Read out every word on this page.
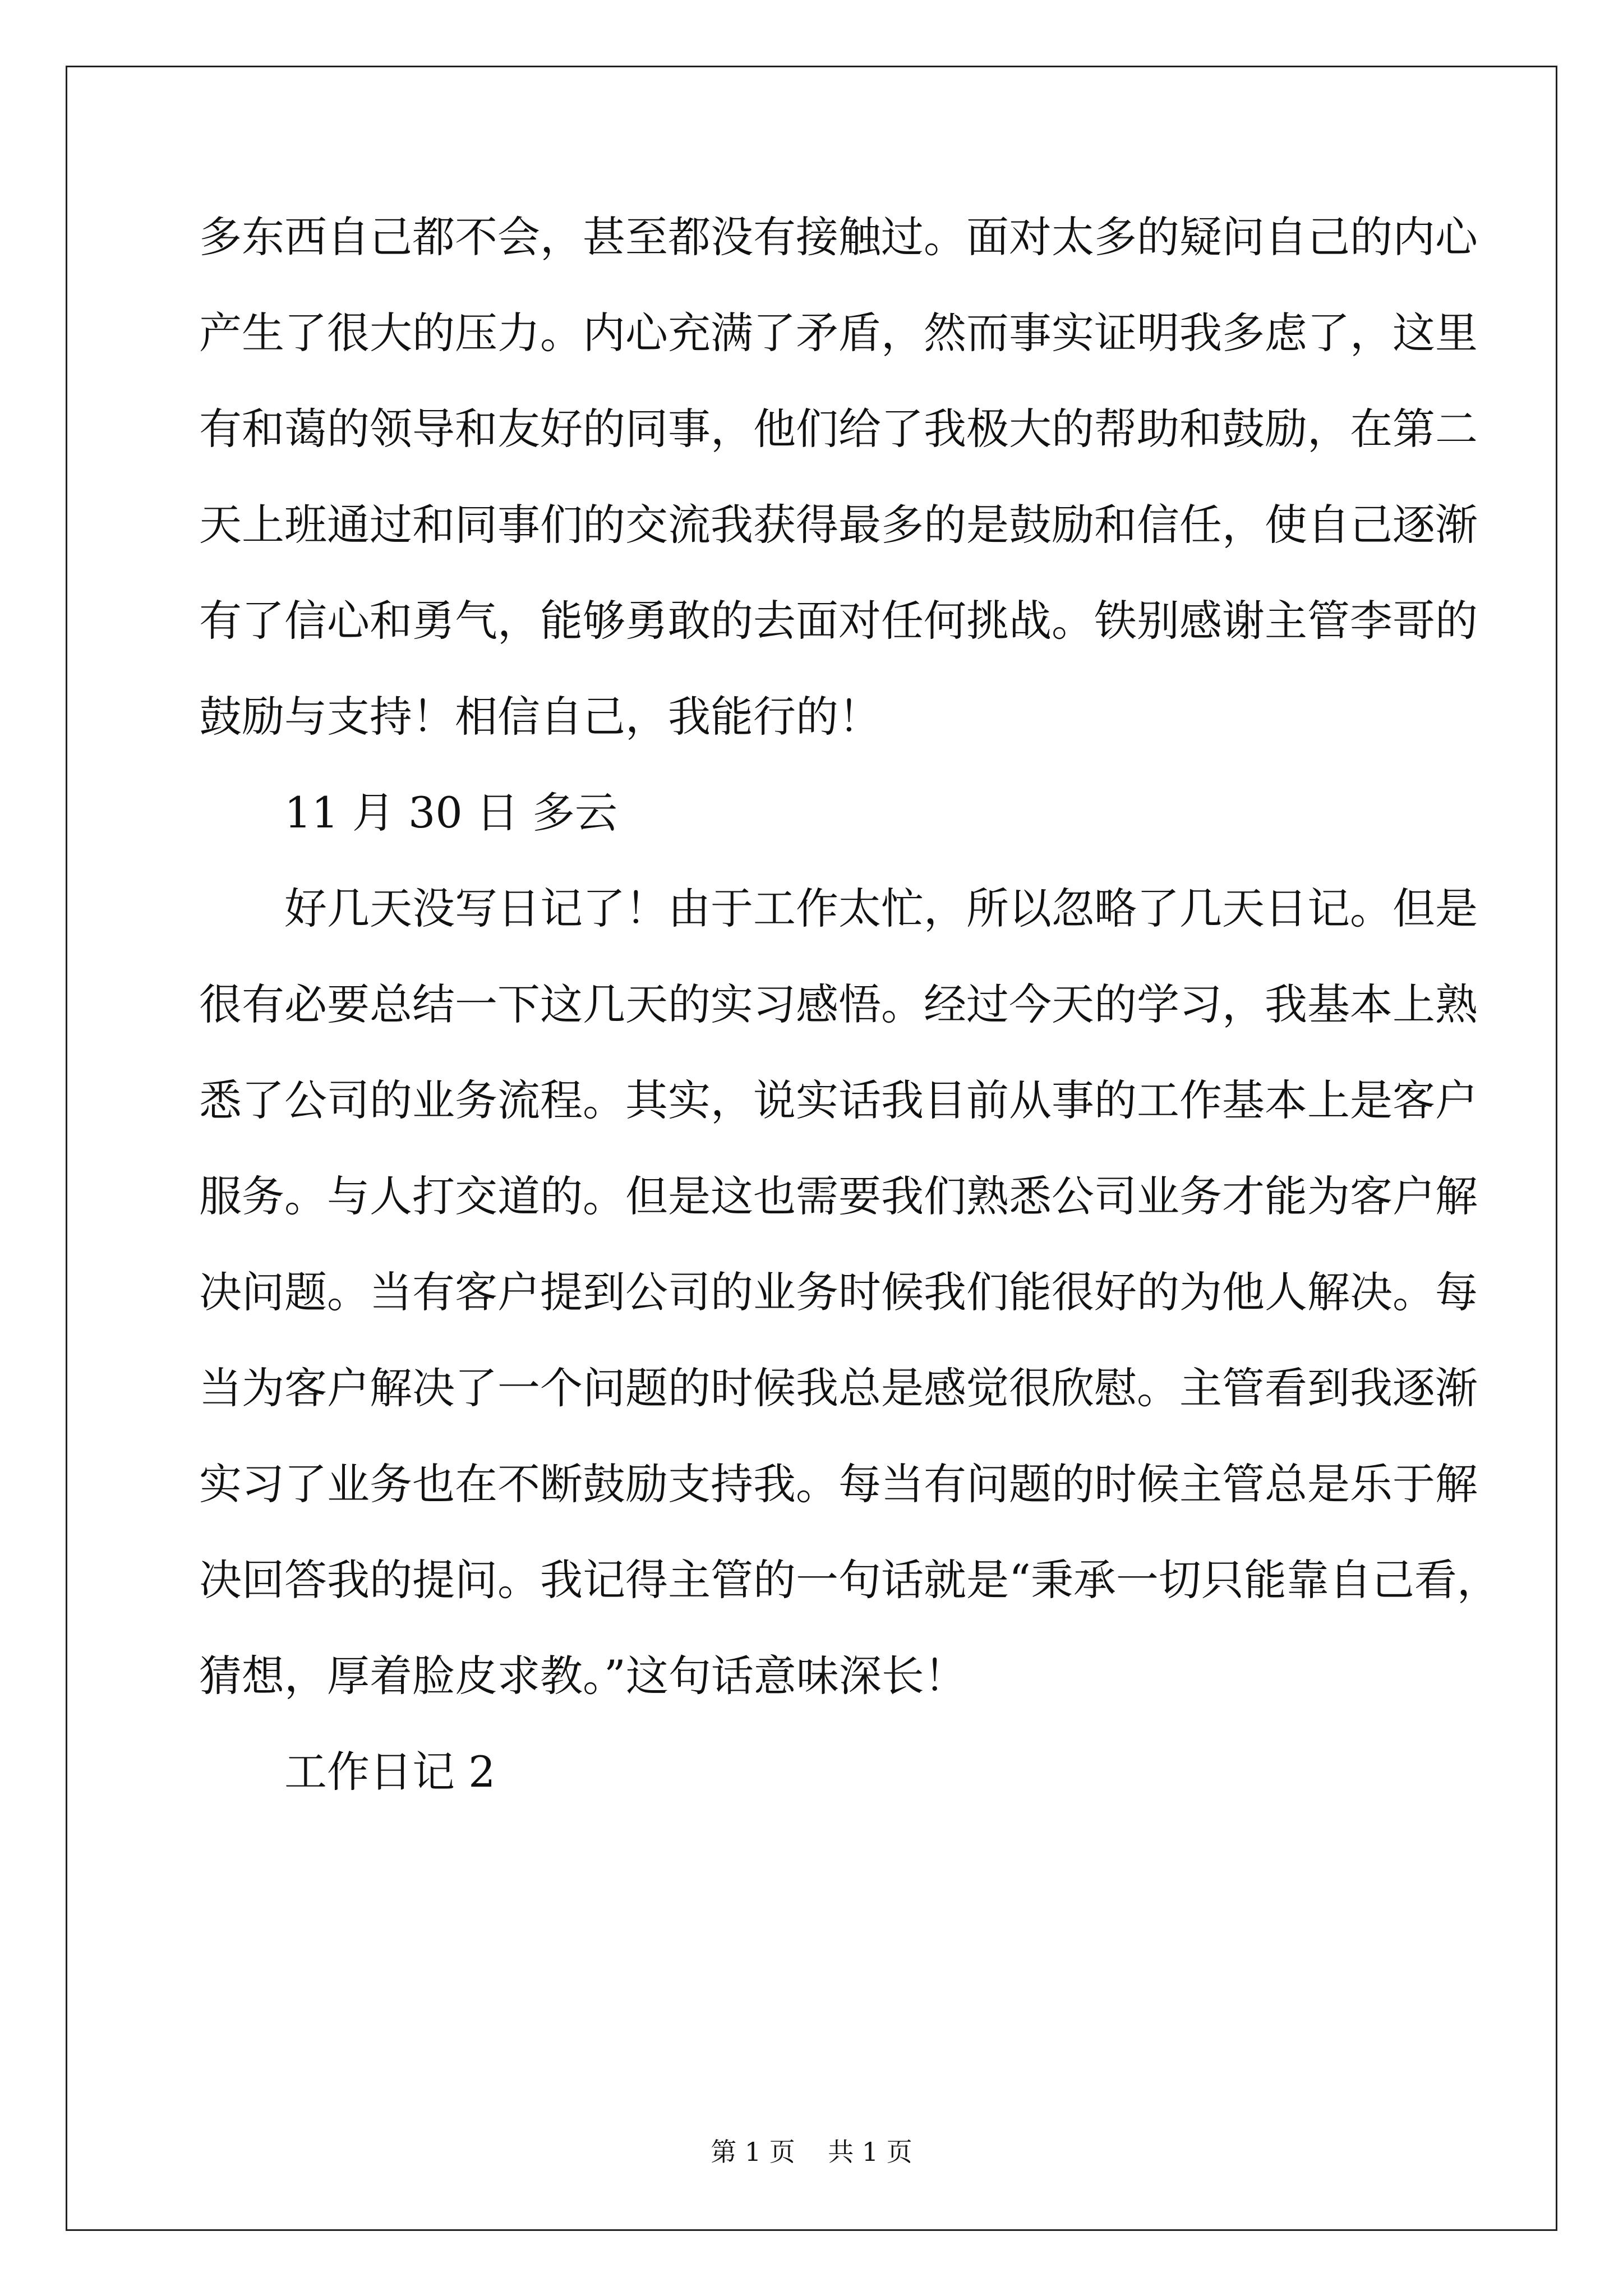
多东西自己都不会，甚至都没有接触过。面对太多的疑问自己的内心
产生了很大的压力。内心充满了矛盾，然而事实证明我多虑了，这里
有和蔼的领导和友好的同事，他们给了我极大的帮助和鼓励，在第二
天上班通过和同事们的交流我获得最多的是鼓励和信任，使自己逐渐
有了信心和勇气，能够勇敢的去面对任何挑战。铁别感谢主管李哥的
鼓励与支持！相信自己，我能行的！
11 月 30 日 多云
好几天没写日记了！由于工作太忙，所以忽略了几天日记。但是
很有必要总结一下这几天的实习感悟。经过今天的学习，我基本上熟
悉了公司的业务流程。其实，说实话我目前从事的工作基本上是客户
服务。与人打交道的。但是这也需要我们熟悉公司业务才能为客户解
决问题。当有客户提到公司的业务时候我们能很好的为他人解决。每
当为客户解决了一个问题的时候我总是感觉很欣慰。主管看到我逐渐
实习了业务也在不断鼓励支持我。每当有问题的时候主管总是乐于解
决回答我的提问。我记得主管的一句话就是“秉承一切只能靠自己看，
猜想，厚着脸皮求教。”这句话意味深长！
工作日记 2
第 1 页    共 1 页
